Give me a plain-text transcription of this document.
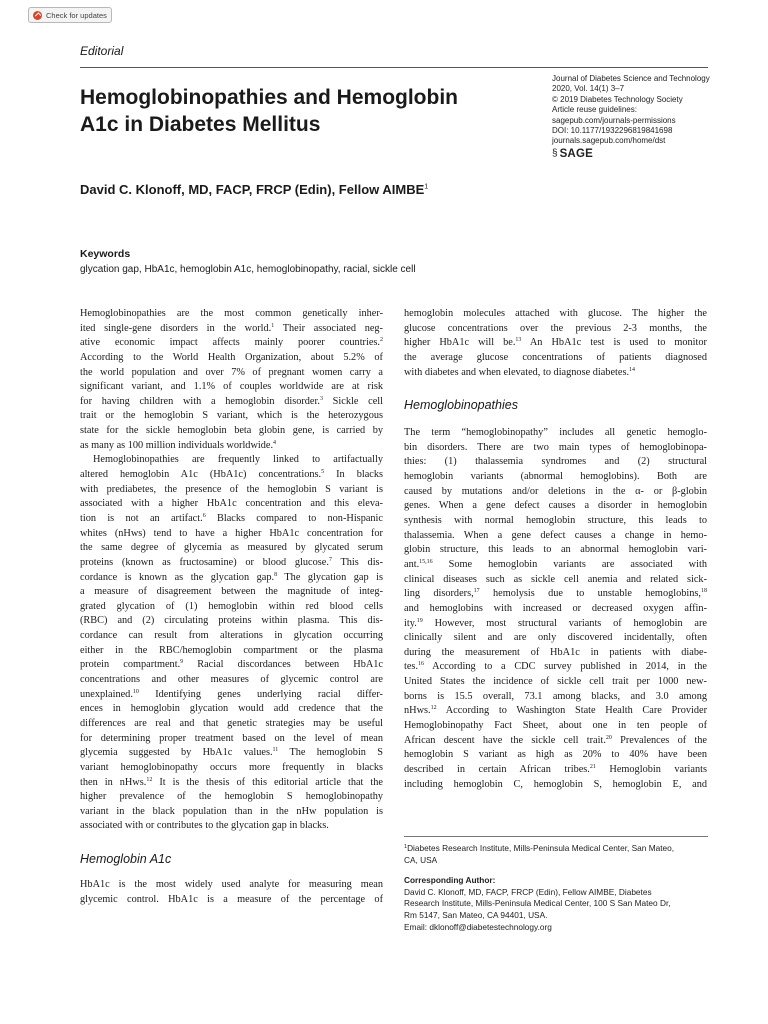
Check for updates
Editorial
Hemoglobinopathies and Hemoglobin
A1c in Diabetes Mellitus
Journal of Diabetes Science and Technology
2020, Vol. 14(1) 3–7
© 2019 Diabetes Technology Society
Article reuse guidelines:
sagepub.com/journals-permissions
DOI: 10.1177/1932296819841698
journals.sagepub.com/home/dst
§ SAGE
David C. Klonoff, MD, FACP, FRCP (Edin), Fellow AIMBE$^1$
Keywords
glycation gap, HbA1c, hemoglobin A1c, hemoglobinopathy, racial, sickle cell
Hemoglobinopathies are the most common genetically inher-
ited single-gene disorders in the world.$^1$ Their associated neg-
ative economic impact affects mainly poorer countries.$^2$
According to the World Health Organization, about 5.2% of
the world population and over 7% of pregnant women carry a
significant variant, and 1.1% of couples worldwide are at risk
for having children with a hemoglobin disorder.$^3$ Sickle cell
trait or the hemoglobin S variant, which is the heterozygous
state for the sickle hemoglobin beta globin gene, is carried by
as many as 100 million individuals worldwide.$^4$
Hemoglobinopathies are frequently linked to artifactually
altered hemoglobin A1c (HbA1c) concentrations.$^5$ In blacks
with prediabetes, the presence of the hemoglobin S variant is
associated with a higher HbA1c concentration and this eleva-
tion is not an artifact.$^6$ Blacks compared to non-Hispanic
whites (nHws) tend to have a higher HbA1c concentration for
the same degree of glycemia as measured by glycated serum
proteins (known as fructosamine) or blood glucose.$^7$ This dis-
cordance is known as the glycation gap.$^8$ The glycation gap is
a measure of disagreement between the magnitude of integ-
grated glycation of (1) hemoglobin within red blood cells
(RBC) and (2) circulating proteins within plasma. This dis-
cordance can result from alterations in glycation occurring
either in the RBC/hemoglobin compartment or the plasma
protein compartment.$^9$ Racial discordances between HbA1c
concentrations and other measures of glycemic control are
unexplained.$^{10}$ Identifying genes underlying racial differ-
ences in hemoglobin glycation would add credence that the
differences are real and that genetic strategies may be useful
for determining proper treatment based on the level of mean
glycemia suggested by HbA1c values.$^{11}$ The hemoglobin S
variant hemoglobinopathy occurs more frequently in blacks
then in nHws.$^{12}$ It is the thesis of this editorial article that the
higher prevalence of the hemoglobin S hemoglobinopathy
variant in the black population than in the nHw population is
associated with or contributes to the glycation gap in blacks.
Hemoglobin A1c
HbA1c is the most widely used analyte for measuring mean
glycemic control. HbA1c is a measure of the percentage of
hemoglobin molecules attached with glucose. The higher the
glucose concentrations over the previous 2-3 months, the
higher HbA1c will be.$^{13}$ An HbA1c test is used to monitor
the average glucose concentrations of patients diagnosed
with diabetes and when elevated, to diagnose diabetes.$^{14}$
Hemoglobinopathies
The term “hemoglobinopathy” includes all genetic hemoglo-
bin disorders. There are two main types of hemoglobinopa-
thies: (1) thalassemia syndromes and (2) structural
hemoglobin variants (abnormal hemoglobins). Both are
caused by mutations and/or deletions in the α- or β-globin
genes. When a gene defect causes a disorder in hemoglobin
synthesis with normal hemoglobin structure, this leads to
thalassemia. When a gene defect causes a change in hemo-
globin structure, this leads to an abnormal hemoglobin vari-
ant.$^{15,16}$ Some hemoglobin variants are associated with
clinical diseases such as sickle cell anemia and related sick-
ling disorders,$^{17}$ hemolysis due to unstable hemoglobins,$^{18}$
and hemoglobins with increased or decreased oxygen affin-
ity.$^{19}$ However, most structural variants of hemoglobin are
clinically silent and are only discovered incidentally, often
during the measurement of HbA1c in patients with diabe-
tes.$^{16}$ According to a CDC survey published in 2014, in the
United States the incidence of sickle cell trait per 1000 new-
borns is 15.5 overall, 73.1 among blacks, and 3.0 among
nHws.$^{12}$ According to Washington State Health Care Provider
Hemoglobinopathy Fact Sheet, about one in ten people of
African descent have the sickle cell trait.$^{20}$ Prevalences of the
hemoglobin S variant as high as 20% to 40% have been
described in certain African tribes.$^{21}$ Hemoglobin variants
including hemoglobin C, hemoglobin S, hemoglobin E, and
$^1$Diabetes Research Institute, Mills-Peninsula Medical Center, San Mateo,
CA, USA
Corresponding Author:
David C. Klonoff, MD, FACP, FRCP (Edin), Fellow AIMBE, Diabetes
Research Institute, Mills-Peninsula Medical Center, 100 S San Mateo Dr,
Rm 5147, San Mateo, CA 94401, USA.
Email: dklonoff@diabetestechnology.org
